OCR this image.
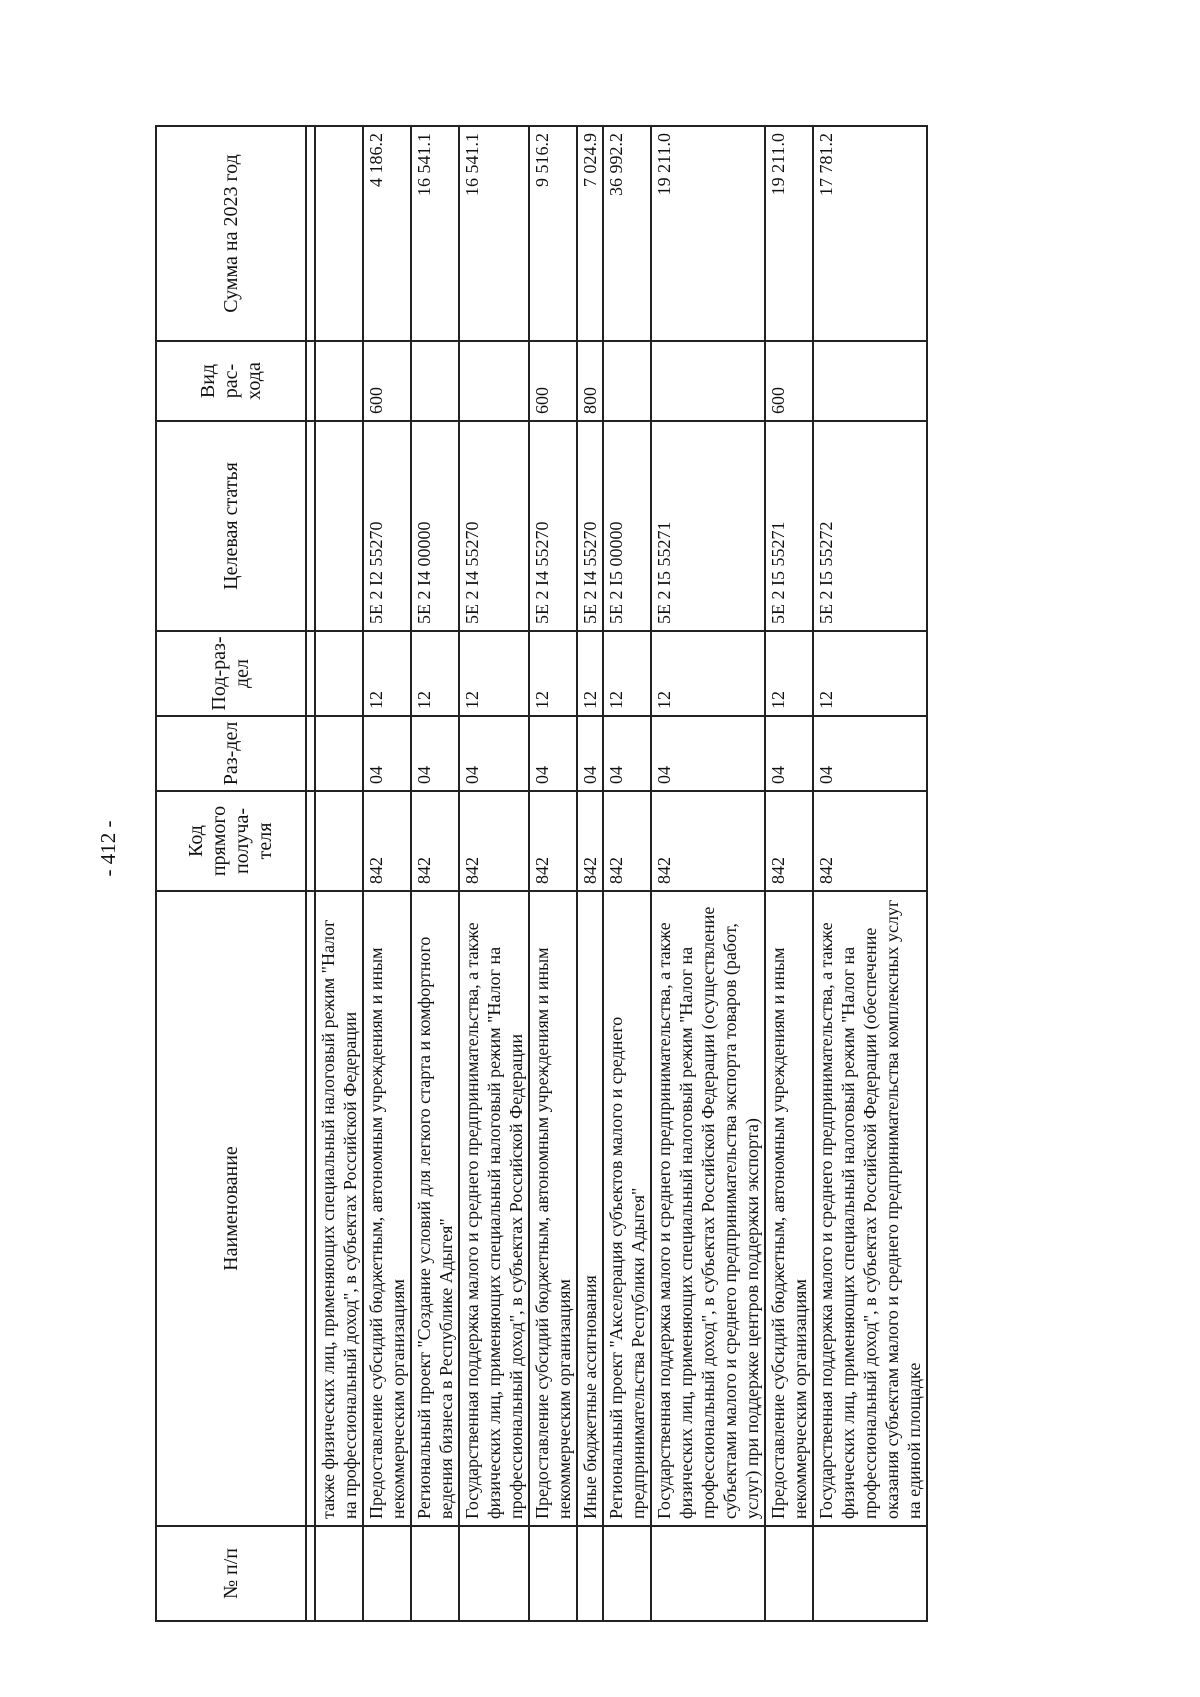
- 412 -
№ п/п	Наименование	Код прямого получа-теля	Раз-дел	Под-раз-дел	Целевая статья	Вид рас-хода	Сумма на 2023 год

	также физических лиц, применяющих специальный налоговый режим "Налог на профессиональный доход", в субъектах Российской Федерации						
	Предоставление субсидий бюджетным, автономным учреждениям и иным некоммерческим организациям	842	04	12	5Е 2 I2 55270	600	4 186.2
	Региональный проект "Создание условий для легкого старта и комфортного ведения бизнеса в Республике Адыгея"	842	04	12	5Е 2 I4 00000		16 541.1
	Государственная поддержка малого и среднего предпринимательства, а также физических лиц, применяющих специальный налоговый режим "Налог на профессиональный доход", в субъектах Российской Федерации	842	04	12	5Е 2 I4 55270		16 541.1
	Предоставление субсидий бюджетным, автономным учреждениям и иным некоммерческим организациям	842	04	12	5Е 2 I4 55270	600	9 516.2
	Иные бюджетные ассигнования	842	04	12	5Е 2 I4 55270	800	7 024.9
	Региональный проект "Акселерация субъектов малого и среднего предпринимательства Республики Адыгея"	842	04	12	5Е 2 I5 00000		36 992.2
	Государственная поддержка малого и среднего предпринимательства, а также физических лиц, применяющих специальный налоговый режим "Налог на профессиональный доход", в субъектах Российской Федерации (осуществление субъектами малого и среднего предпринимательства экспорта товаров (работ, услуг) при поддержке центров поддержки экспорта)	842	04	12	5Е 2 I5 55271		19 211.0
	Предоставление субсидий бюджетным, автономным учреждениям и иным некоммерческим организациям	842	04	12	5Е 2 I5 55271	600	19 211.0
	Государственная поддержка малого и среднего предпринимательства, а также физических лиц, применяющих специальный налоговый режим "Налог на профессиональный доход", в субъектах Российской Федерации (обеспечение оказания субъектам малого и среднего предпринимательства комплексных услуг на единой площадке	842	04	12	5Е 2 I5 55272		17 781.2
